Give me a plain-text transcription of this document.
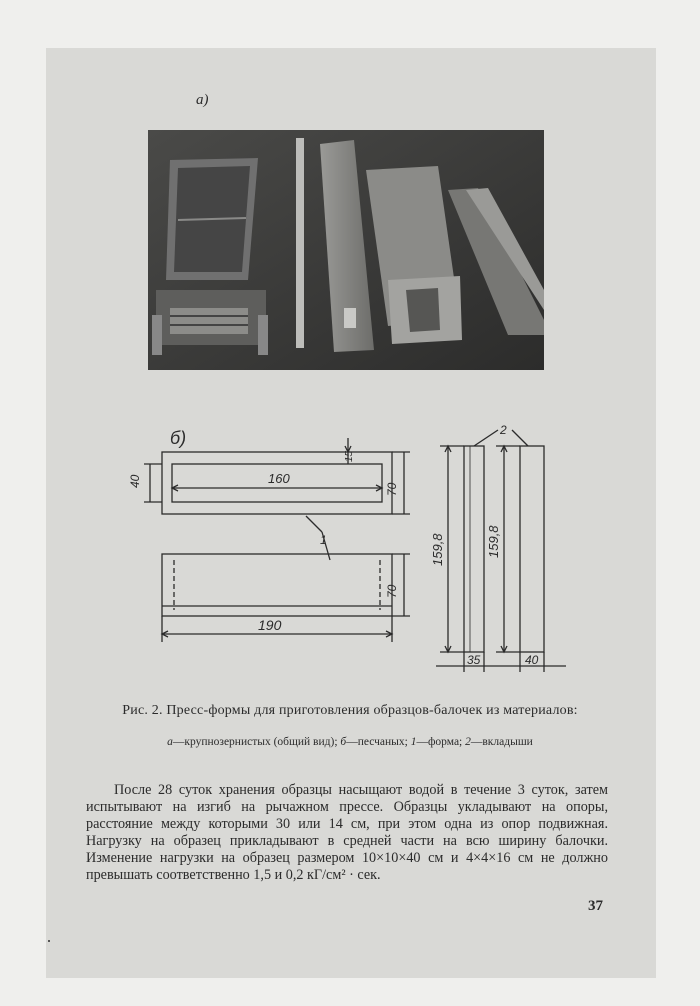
а)
б)
160
40
15
70
1
70
190
159,8	159,8
2
35	40
Рис. 2. Пресс-формы для приготовления образцов-балочек из материалов:
а—крупнозернистых (общий вид); б—песчаных; 1—форма; 2—вкладыши
После 28 суток хранения образцы насыщают водой в течение 3 суток, затем испытывают на изгиб на рычажном прессе. Образцы укладывают на опоры, расстояние между которыми 30 или 14 см, при этом одна из опор подвижная. Нагрузку на образец прикладывают в средней части на всю ширину балочки. Изменение нагрузки на образец размером 10×10×40 см и 4×4×16 см не должно превышать соответственно 1,5 и 0,2 кГ/см² · сек.
37
